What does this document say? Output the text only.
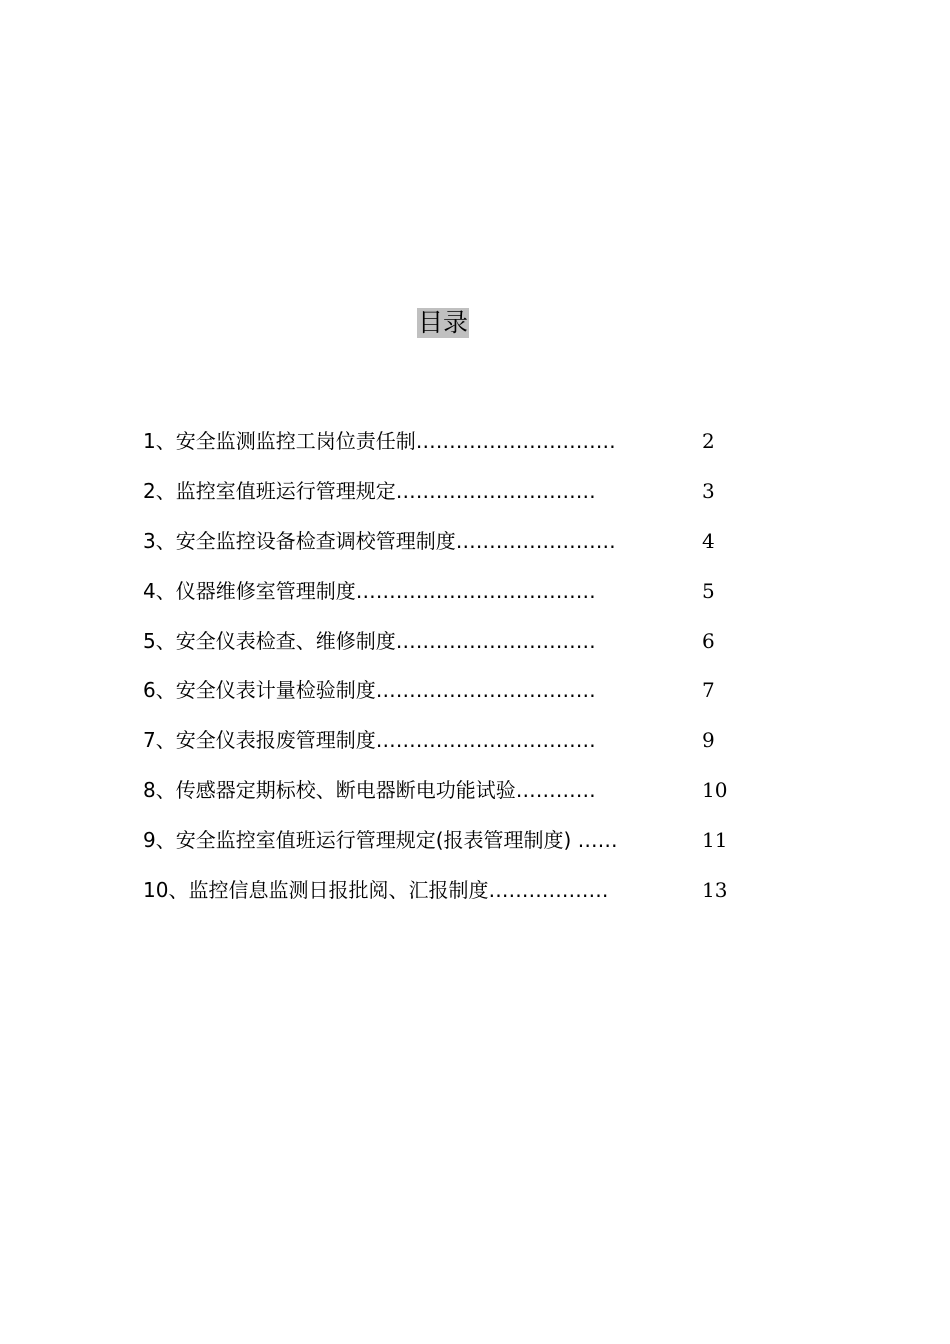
目录
1、安全监测监控工岗位责任制…………………………	2
2、监控室值班运行管理规定…………………………	3
3、安全监控设备检查调校管理制度……………………	4
4、仪器维修室管理制度………………………………	5
5、安全仪表检查、维修制度…………………………	6
6、安全仪表计量检验制度……………………………	7
7、安全仪表报废管理制度……………………………	9
8、传感器定期标校、断电器断电功能试验…………	10
9、安全监控室值班运行管理规定(报表管理制度) ……	11
10、监控信息监测日报批阅、汇报制度………………	13
